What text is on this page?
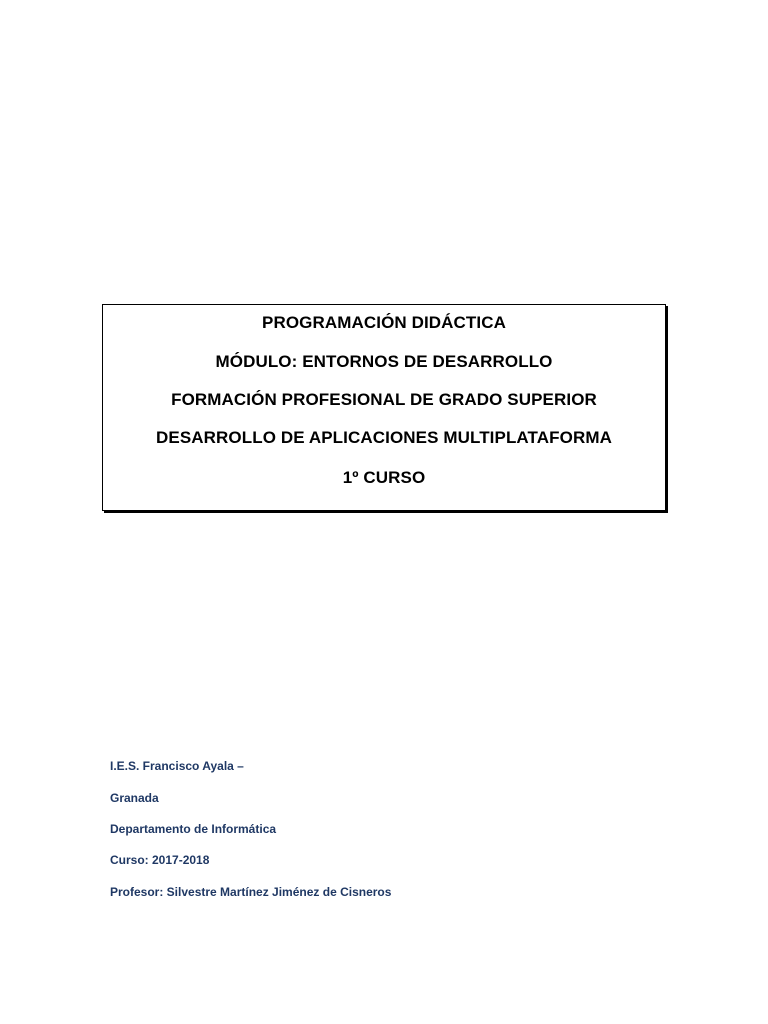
PROGRAMACIÓN DIDÁCTICA
MÓDULO: ENTORNOS DE DESARROLLO
FORMACIÓN PROFESIONAL DE GRADO SUPERIOR
DESARROLLO DE APLICACIONES MULTIPLATAFORMA
1º CURSO
I.E.S. Francisco Ayala –
Granada
Departamento de Informática
Curso: 2017-2018
Profesor: Silvestre Martínez Jiménez de Cisneros
